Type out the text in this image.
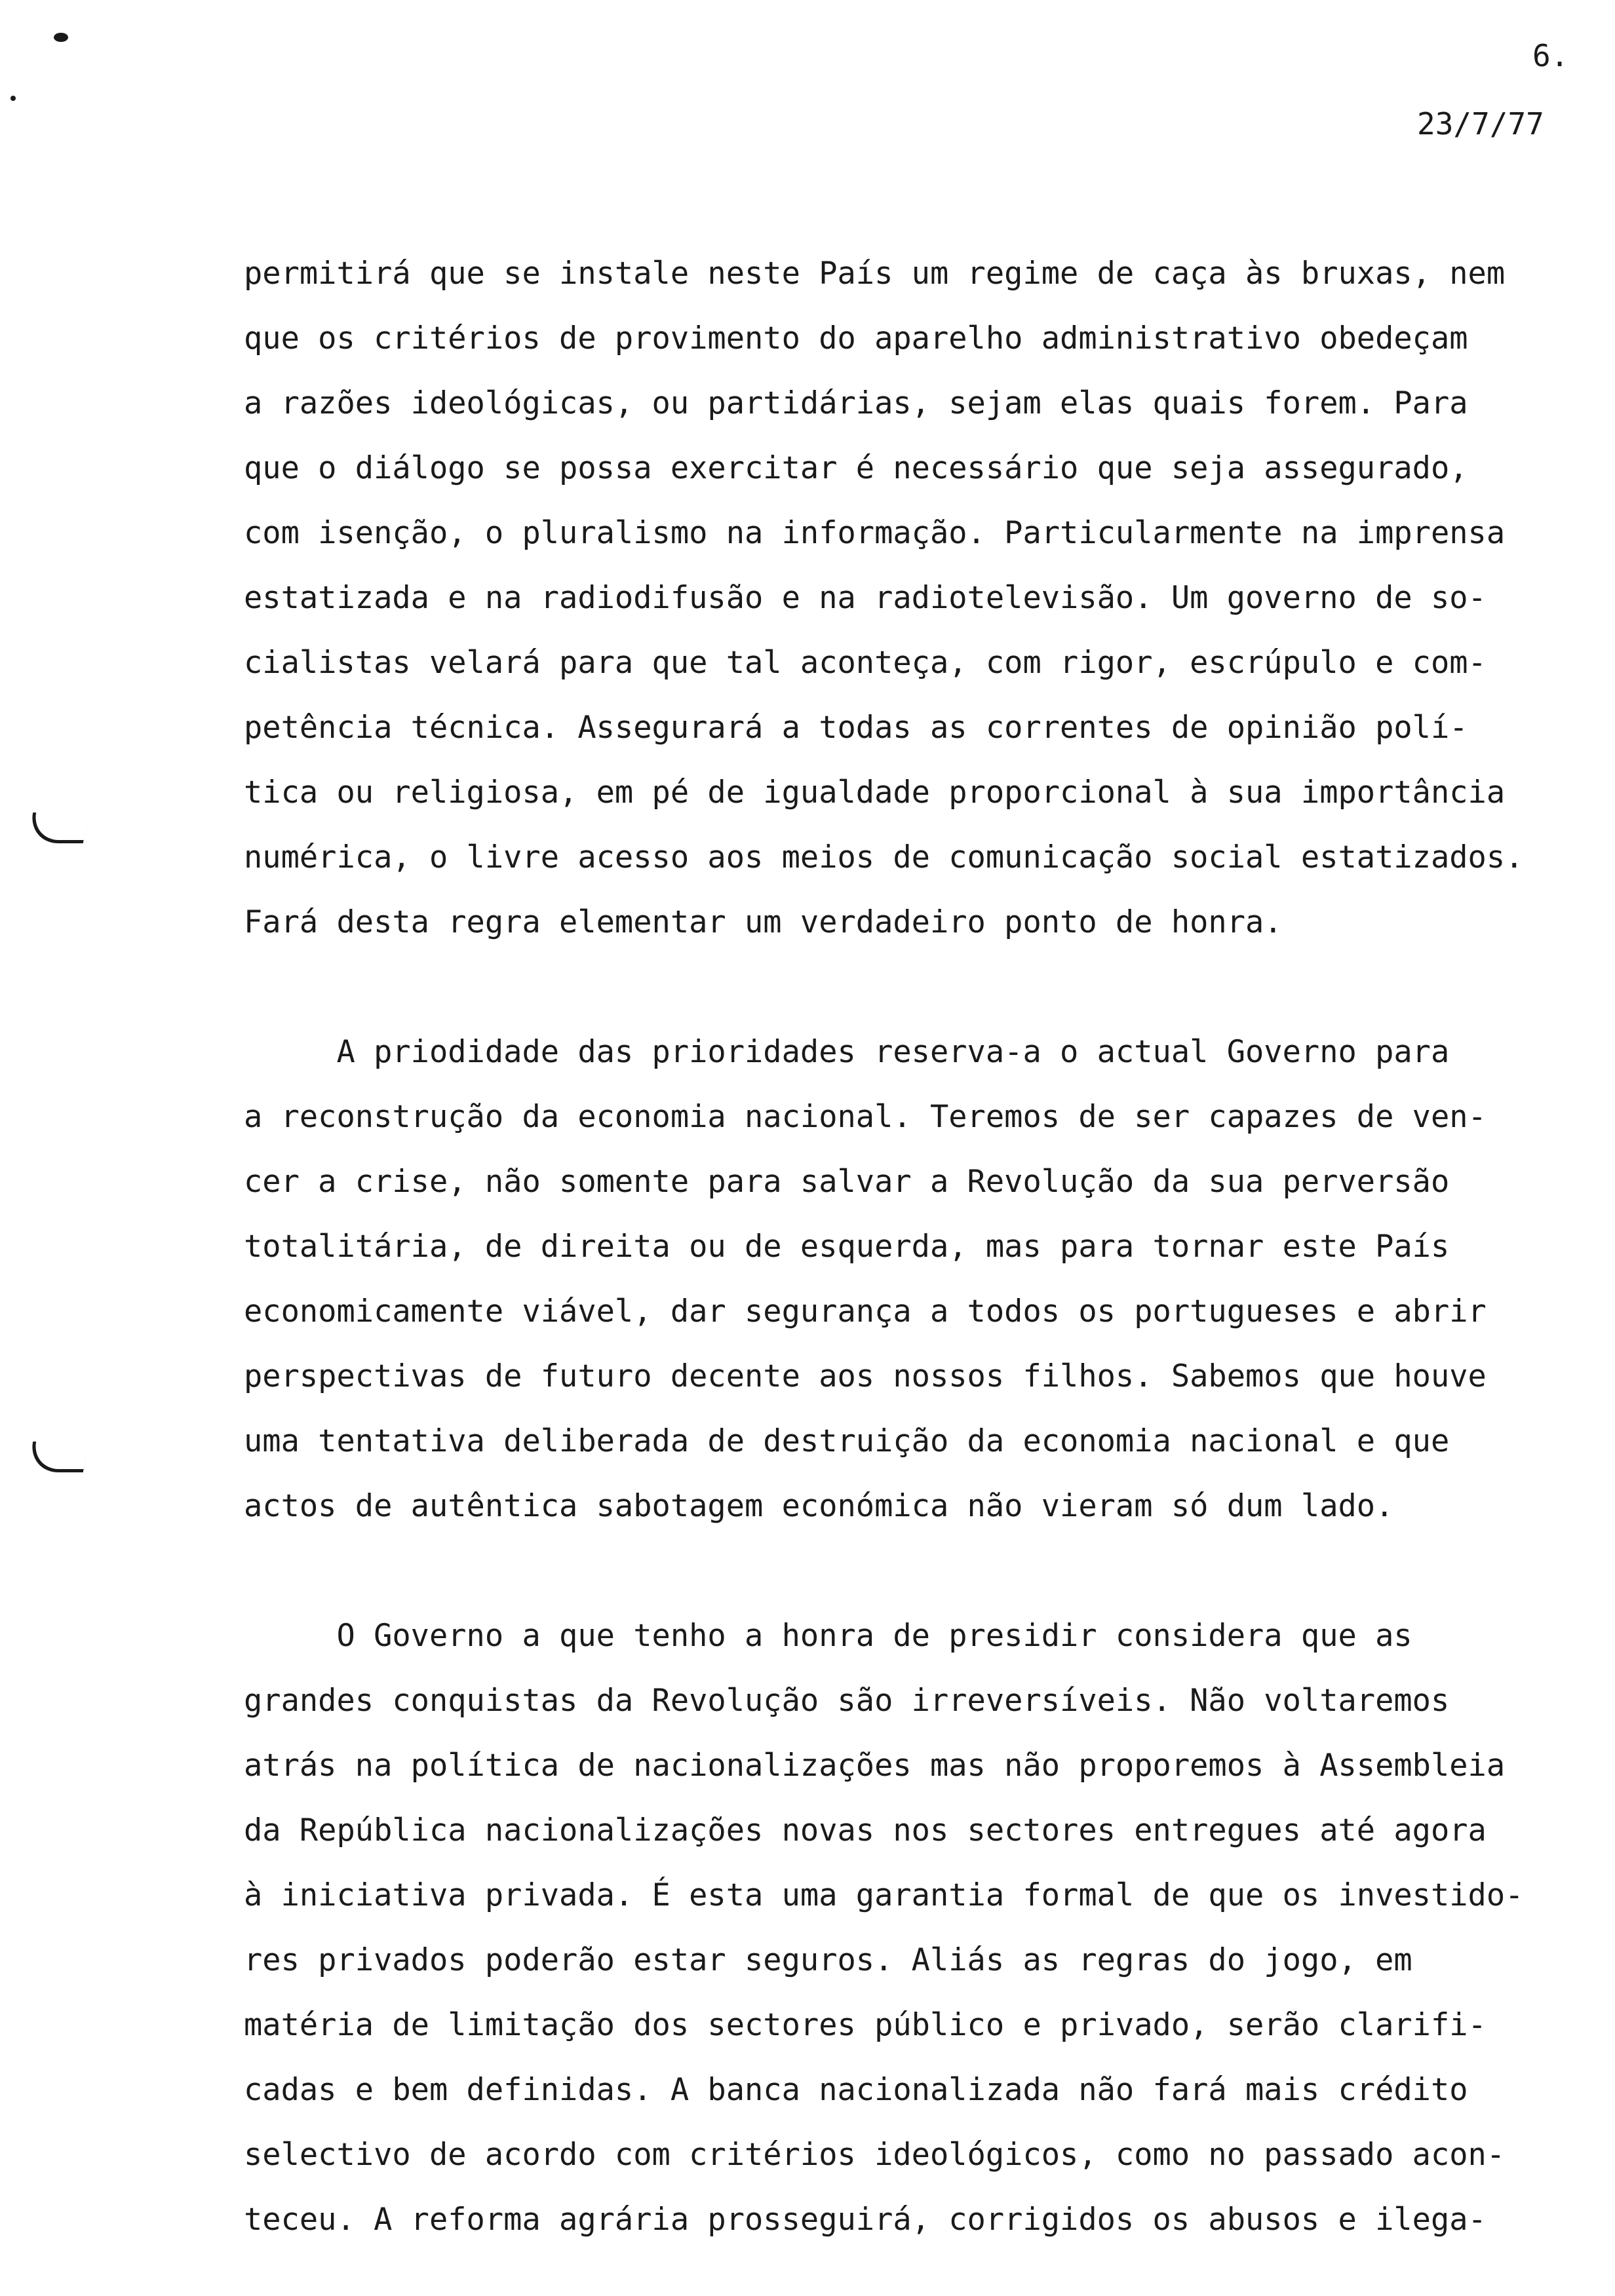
6.
23/7/77
permitirá que se instale neste País um regime de caça às bruxas, nem
que os critérios de provimento do aparelho administrativo obedeçam
a razões ideológicas, ou partidárias, sejam elas quais forem. Para
que o diálogo se possa exercitar é necessário que seja assegurado,
com isenção, o pluralismo na informação. Particularmente na imprensa
estatizada e na radiodifusão e na radiotelevisão. Um governo de so-
cialistas velará para que tal aconteça, com rigor, escrúpulo e com-
petência técnica. Assegurará a todas as correntes de opinião polí-
tica ou religiosa, em pé de igualdade proporcional à sua importância
numérica, o livre acesso aos meios de comunicação social estatizados.
Fará desta regra elementar um verdadeiro ponto de honra.
A priodidade das prioridades reserva-a o actual Governo para
a reconstrução da economia nacional. Teremos de ser capazes de ven-
cer a crise, não somente para salvar a Revolução da sua perversão
totalitária, de direita ou de esquerda, mas para tornar este País
economicamente viável, dar segurança a todos os portugueses e abrir
perspectivas de futuro decente aos nossos filhos. Sabemos que houve
uma tentativa deliberada de destruição da economia nacional e que
actos de autêntica sabotagem económica não vieram só dum lado.
O Governo a que tenho a honra de presidir considera que as
grandes conquistas da Revolução são irreversíveis. Não voltaremos
atrás na política de nacionalizações mas não proporemos à Assembleia
da República nacionalizações novas nos sectores entregues até agora
à iniciativa privada. É esta uma garantia formal de que os investido-
res privados poderão estar seguros. Aliás as regras do jogo, em
matéria de limitação dos sectores público e privado, serão clarifi-
cadas e bem definidas. A banca nacionalizada não fará mais crédito
selectivo de acordo com critérios ideológicos, como no passado acon-
teceu. A reforma agrária prosseguirá, corrigidos os abusos e ilega-
